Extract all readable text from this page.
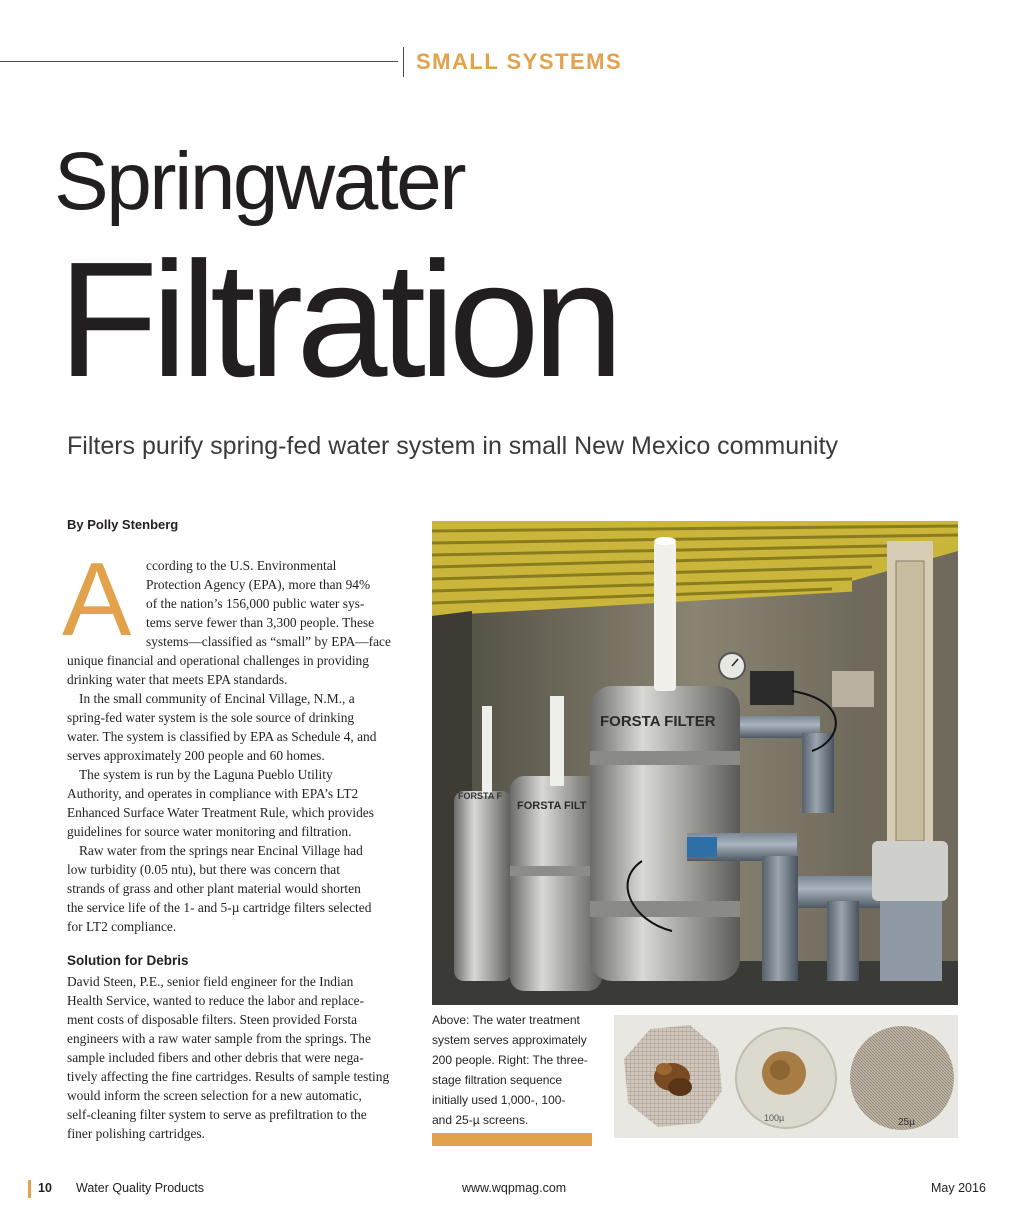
SMALL SYSTEMS
Springwater
Filtration
Filters purify spring-fed water system in small New Mexico community
By Polly Stenberg
A ccording to the U.S. Environmental
Protection Agency (EPA), more than 94%
of the nation’s 156,000 public water sys-
tems serve fewer than 3,300 people. These
systems—classified as “small” by EPA—face
unique financial and operational challenges in providing
drinking water that meets EPA standards.
In the small community of Encinal Village, N.M., a
spring-fed water system is the sole source of drinking
water. The system is classified by EPA as Schedule 4, and
serves approximately 200 people and 60 homes.
The system is run by the Laguna Pueblo Utility
Authority, and operates in compliance with EPA’s LT2
Enhanced Surface Water Treatment Rule, which provides
guidelines for source water monitoring and filtration.
Raw water from the springs near Encinal Village had
low turbidity (0.05 ntu), but there was concern that
strands of grass and other plant material would shorten
the service life of the 1- and 5-µ cartridge filters selected
for LT2 compliance.
Solution for Debris
David Steen, P.E., senior field engineer for the Indian
Health Service, wanted to reduce the labor and replace-
ment costs of disposable filters. Steen provided Forsta
engineers with a raw water sample from the springs. The
sample included fibers and other debris that were nega-
tively affecting the fine cartridges. Results of sample testing
would inform the screen selection for a new automatic,
self-cleaning filter system to serve as prefiltration to the
finer polishing cartridges.
FORSTA F
FORSTA FILT
FORSTA FILTER
Above: The water treatment
system serves approximately
200 people. Right: The three-
stage filtration sequence
initially used 1,000-, 100-
and 25-µ screens.	100µ	25µ
10 Water Quality Products	www.wqpmag.com	May 2016
